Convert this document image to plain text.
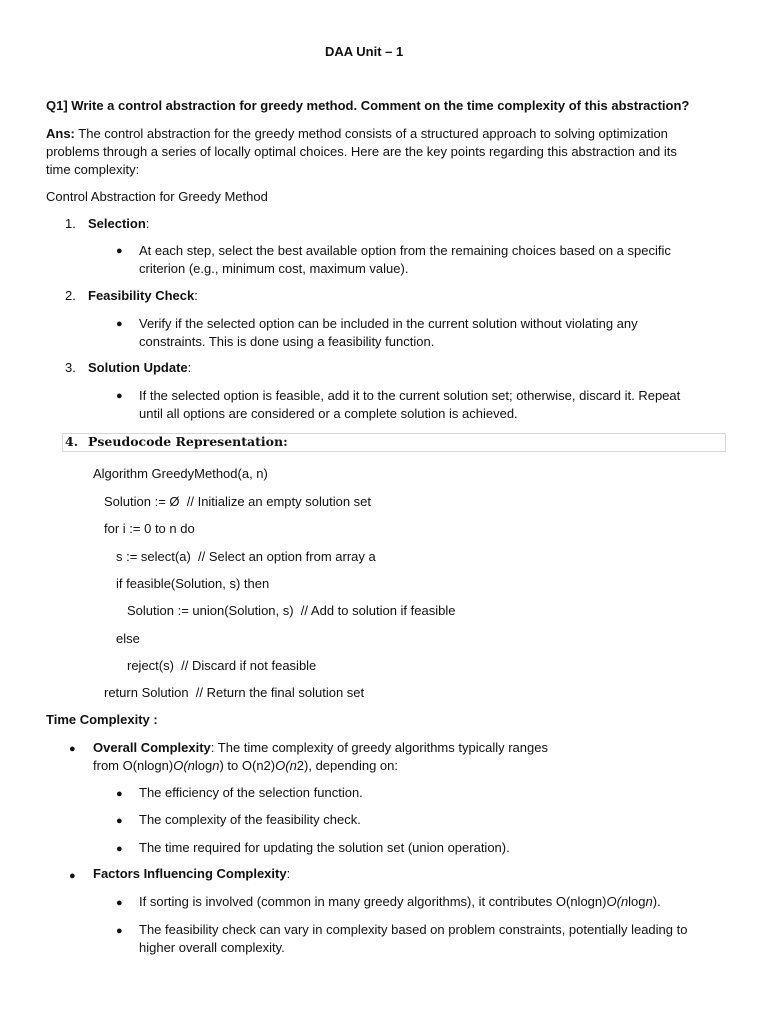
DAA Unit – 1
Q1] Write a control abstraction for greedy method. Comment on the time complexity of this abstraction?
Ans: The control abstraction for the greedy method consists of a structured approach to solving optimization
problems through a series of locally optimal choices. Here are the key points regarding this abstraction and its
time complexity:
Control Abstraction for Greedy Method
1. Selection:
● At each step, select the best available option from the remaining choices based on a specific
criterion (e.g., minimum cost, maximum value).
2. Feasibility Check:
● Verify if the selected option can be included in the current solution without violating any
constraints. This is done using a feasibility function.
3. Solution Update:
● If the selected option is feasible, add it to the current solution set; otherwise, discard it. Repeat
until all options are considered or a complete solution is achieved.
4. Pseudocode Representation:
Algorithm GreedyMethod(a, n)
Solution := Ø  // Initialize an empty solution set
for i := 0 to n do
s := select(a)  // Select an option from array a
if feasible(Solution, s) then
Solution := union(Solution, s)  // Add to solution if feasible
else
reject(s)  // Discard if not feasible
return Solution  // Return the final solution set
Time Complexity :
● Overall Complexity: The time complexity of greedy algorithms typically ranges
from O(nlogn)O(nlogn) to O(n2)O(n2), depending on:
● The efficiency of the selection function.
● The complexity of the feasibility check.
● The time required for updating the solution set (union operation).
● Factors Influencing Complexity:
● If sorting is involved (common in many greedy algorithms), it contributes O(nlogn)O(nlogn).
● The feasibility check can vary in complexity based on problem constraints, potentially leading to
higher overall complexity.
